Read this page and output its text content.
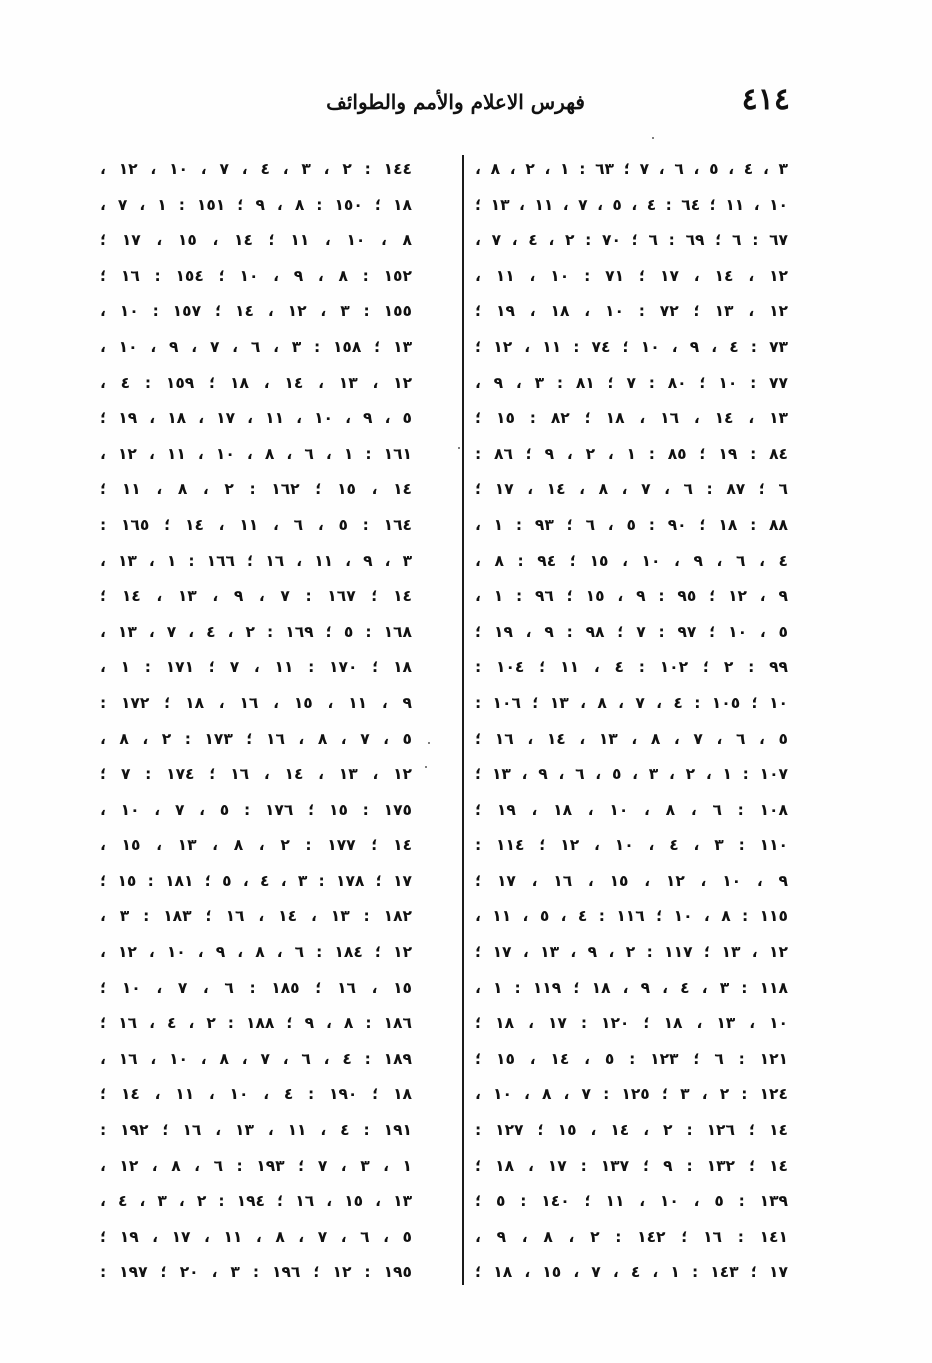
٤١٤
فهرس الاعلام والأمم والطوائف
٣ ، ٤ ، ٥ ، ٦ ، ٧ ؛ ٦٣ : ١ ، ٢ ، ٨ ،
١٠ ، ١١ ؛ ٦٤ : ٤ ، ٥ ، ٧ ، ١١ ، ١٣ ؛
٦٧ : ٦ ؛ ٦٩ : ٦ ؛ ٧٠ : ٢ ، ٤ ، ٧ ،
١٢ ، ١٤ ، ١٧ ؛ ٧١ : ١٠ ، ١١ ،
١٢ ، ١٣ ؛ ٧٢ : ١٠ ، ١٨ ، ١٩ ؛
٧٣ : ٤ ، ٩ ، ١٠ ؛ ٧٤ : ١١ ، ١٢ ؛
٧٧ : ١٠ ؛ ٨٠ : ٧ ؛ ٨١ : ٣ ، ٩ ،
١٣ ، ١٤ ، ١٦ ، ١٨ ؛ ٨٢ : ١٥ ؛
٨٤ : ١٩ ؛ ٨٥ : ١ ، ٢ ، ٩ ؛ ٨٦ :
٦ ؛ ٨٧ : ٦ ، ٧ ، ٨ ، ١٤ ، ١٧ ؛
٨٨ : ١٨ ؛ ٩٠ : ٥ ، ٦ ؛ ٩٣ : ١ ،
٤ ، ٦ ، ٩ ، ١٠ ، ١٥ ؛ ٩٤ : ٨ ،
٩ ، ١٢ ؛ ٩٥ : ٩ ، ١٥ ؛ ٩٦ : ١ ،
٥ ، ١٠ ؛ ٩٧ : ٧ ؛ ٩٨ : ٩ ، ١٩ ؛
٩٩ : ٢ ؛ ١٠٢ : ٤ ، ١١ ؛ ١٠٤ :
١٠ ؛ ١٠٥ : ٤ ، ٧ ، ٨ ، ١٣ ؛ ١٠٦ :
٥ ، ٦ ، ٧ ، ٨ ، ١٣ ، ١٤ ، ١٦ ؛
١٠٧ : ١ ، ٢ ، ٣ ، ٥ ، ٦ ، ٩ ، ١٣ ؛
١٠٨ : ٦ ، ٨ ، ١٠ ، ١٨ ، ١٩ ؛
١١٠ : ٣ ، ٤ ، ١٠ ، ١٢ ؛ ١١٤ :
٩ ، ١٠ ، ١٢ ، ١٥ ، ١٦ ، ١٧ ؛
١١٥ : ٨ ، ١٠ ؛ ١١٦ : ٤ ، ٥ ، ١١ ،
١٢ ، ١٣ ؛ ١١٧ : ٢ ، ٩ ، ١٣ ، ١٧ ؛
١١٨ : ٣ ، ٤ ، ٩ ، ١٨ ؛ ١١٩ : ١ ،
١٠ ، ١٣ ، ١٨ ؛ ١٢٠ : ١٧ ، ١٨ ؛
١٢١ : ٦ ؛ ١٢٣ : ٥ ، ١٤ ، ١٥ ؛
١٢٤ : ٢ ، ٣ ؛ ١٢٥ : ٧ ، ٨ ، ١٠ ،
١٤ ؛ ١٢٦ : ٢ ، ١٤ ، ١٥ ؛ ١٢٧ :
١٤ ؛ ١٣٢ : ٩ ؛ ١٣٧ : ١٧ ، ١٨ ؛
١٣٩ : ٥ ، ١٠ ، ١١ ؛ ١٤٠ : ٥ ؛
١٤١ : ١٦ ؛ ١٤٢ : ٢ ، ٨ ، ٩ ،
١٧ ؛ ١٤٣ : ١ ، ٤ ، ٧ ، ١٥ ، ١٨ ؛
١٤٤ : ٢ ، ٣ ، ٤ ، ٧ ، ١٠ ، ١٢ ،
١٨ ؛ ١٥٠ : ٨ ، ٩ ؛ ١٥١ : ١ ، ٧ ،
٨ ، ١٠ ، ١١ ؛ ١٤ ، ١٥ ، ١٧ ؛
١٥٢ : ٨ ، ٩ ، ١٠ ؛ ١٥٤ : ١٦ ؛
١٥٥ : ٣ ، ١٢ ، ١٤ ؛ ١٥٧ : ١٠ ،
١٣ ؛ ١٥٨ : ٣ ، ٦ ، ٧ ، ٩ ، ١٠ ،
١٢ ، ١٣ ، ١٤ ، ١٨ ؛ ١٥٩ : ٤ ،
٥ ، ٩ ، ١٠ ، ١١ ، ١٧ ، ١٨ ، ١٩ ؛
١٦١ : ١ ، ٦ ، ٨ ، ١٠ ، ١١ ، ١٢ ،
١٤ ، ١٥ ؛ ١٦٢ : ٢ ، ٨ ، ١١ ؛
١٦٤ : ٥ ، ٦ ، ١١ ، ١٤ ؛ ١٦٥ :
٣ ، ٩ ، ١١ ، ١٦ ؛ ١٦٦ : ١ ، ١٣ ،
١٤ ؛ ١٦٧ : ٧ ، ٩ ، ١٣ ، ١٤ ؛
١٦٨ : ٥ ؛ ١٦٩ : ٢ ، ٤ ، ٧ ، ١٣ ،
١٨ ؛ ١٧٠ : ١١ ، ٧ ؛ ١٧١ : ١ ،
٩ ، ١١ ، ١٥ ، ١٦ ، ١٨ ؛ ١٧٢ :
٥ ، ٧ ، ٨ ، ١٦ ؛ ١٧٣ : ٢ ، ٨ ،
١٢ ، ١٣ ، ١٤ ، ١٦ ؛ ١٧٤ : ٧ ؛
١٧٥ : ١٥ ؛ ١٧٦ : ٥ ، ٧ ، ١٠ ،
١٤ ؛ ١٧٧ : ٢ ، ٨ ، ١٣ ، ١٥ ،
١٧ ؛ ١٧٨ : ٣ ، ٤ ، ٥ ؛ ١٨١ : ١٥ ؛
١٨٢ : ١٣ ، ١٤ ، ١٦ ؛ ١٨٣ : ٣ ،
١٢ ؛ ١٨٤ : ٦ ، ٨ ، ٩ ، ١٠ ، ١٢ ،
١٥ ، ١٦ ؛ ١٨٥ : ٦ ، ٧ ، ١٠ ؛
١٨٦ : ٨ ، ٩ ؛ ١٨٨ : ٢ ، ٤ ، ١٦ ؛
١٨٩ : ٤ ، ٦ ، ٧ ، ٨ ، ١٠ ، ١٦ ،
١٨ ؛ ١٩٠ : ٤ ، ١٠ ، ١١ ، ١٤ ؛
١٩١ : ٤ ، ١١ ، ١٣ ، ١٦ ؛ ١٩٢ :
١ ، ٣ ، ٧ ؛ ١٩٣ : ٦ ، ٨ ، ١٢ ،
١٣ ، ١٥ ، ١٦ ؛ ١٩٤ : ٢ ، ٣ ، ٤ ،
٥ ، ٦ ، ٧ ، ٨ ، ١١ ، ١٧ ، ١٩ ؛
١٩٥ : ١٢ ؛ ١٩٦ : ٣ ، ٢٠ ؛ ١٩٧ :
